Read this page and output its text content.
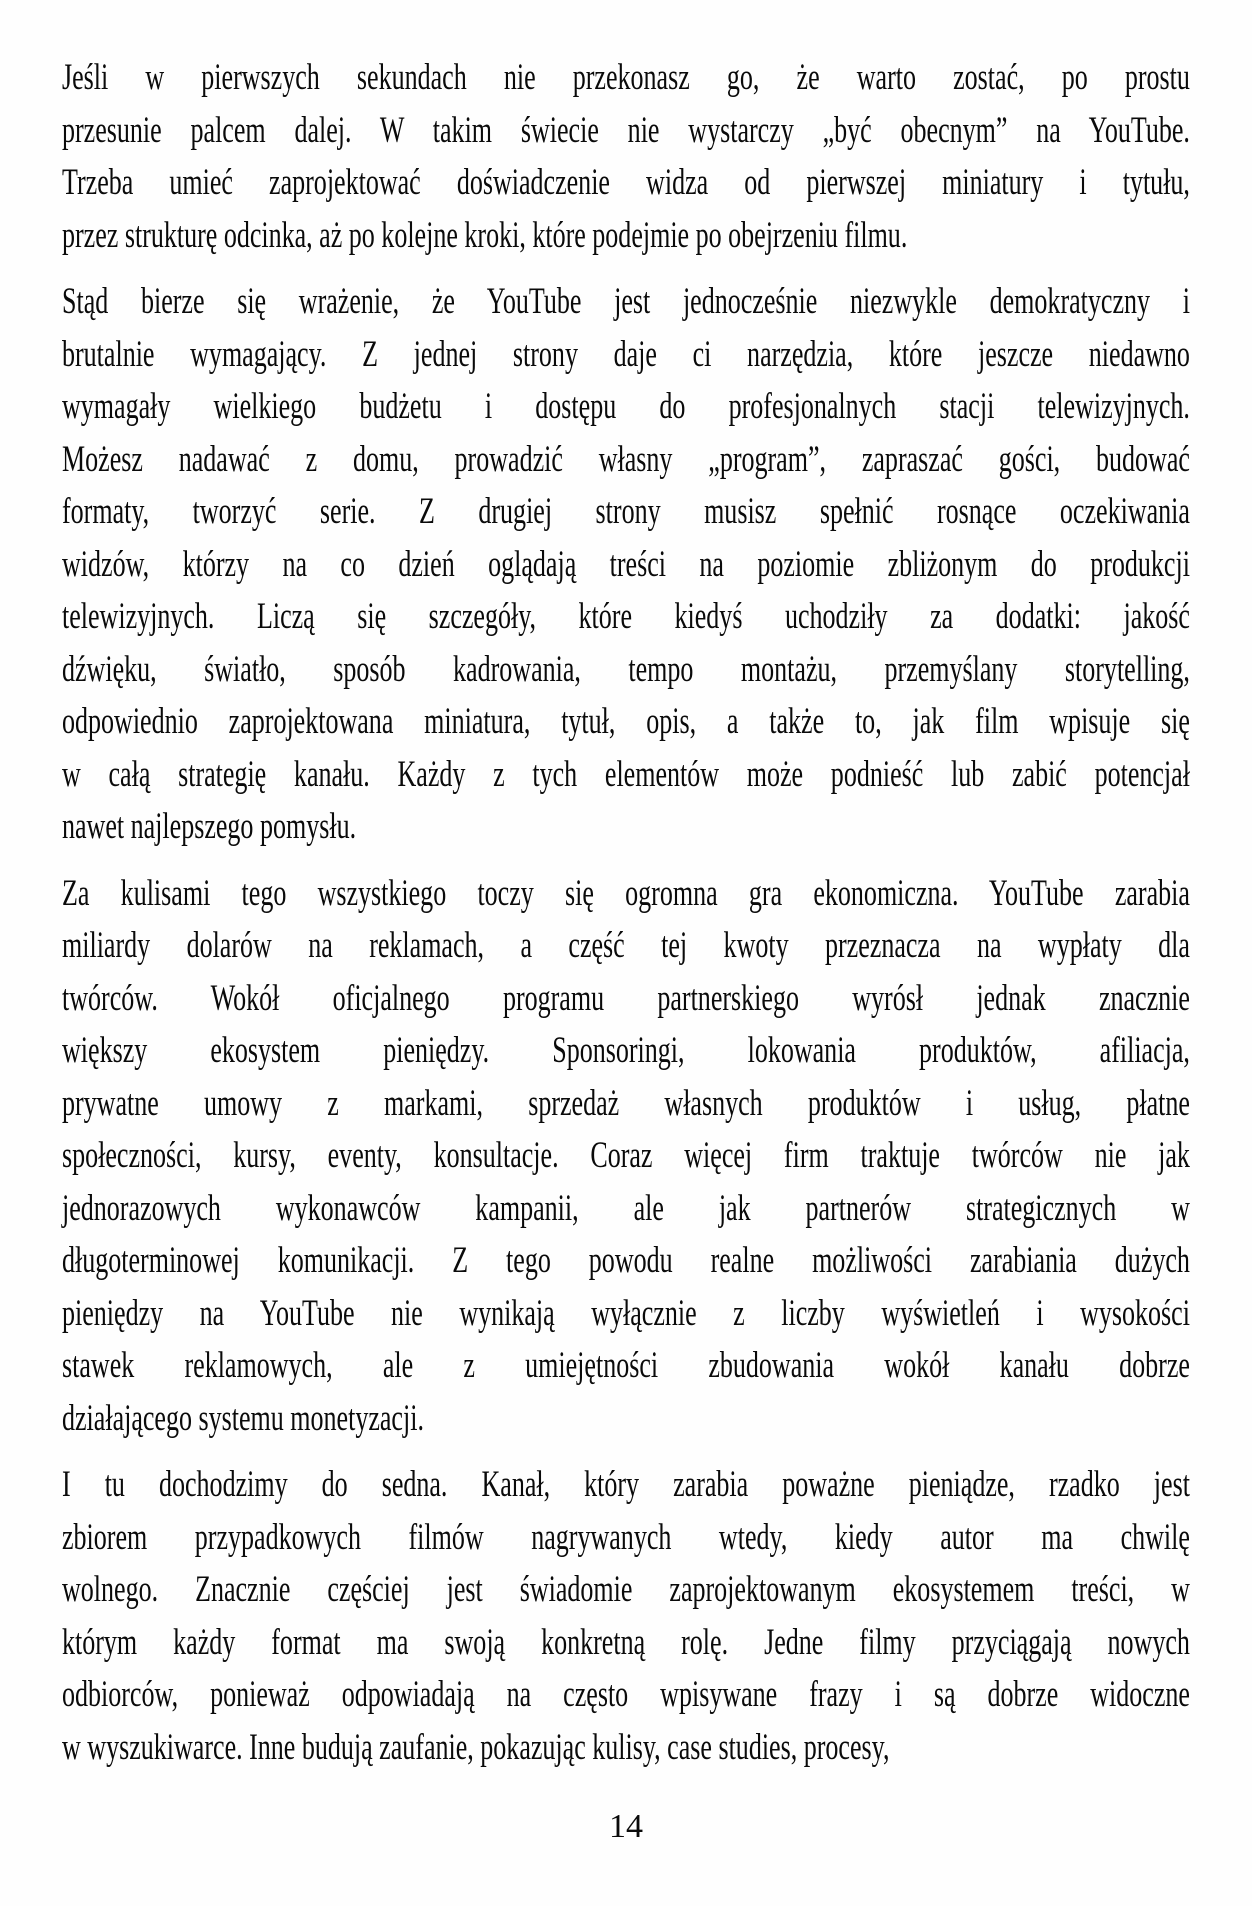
Jeśli w pierwszych sekundach nie przekonasz go, że warto zostać, po prostu
przesunie palcem dalej. W takim świecie nie wystarczy „być obecnym” na YouTube.
Trzeba umieć zaprojektować doświadczenie widza od pierwszej miniatury i tytułu,
przez strukturę odcinka, aż po kolejne kroki, które podejmie po obejrzeniu filmu.
Stąd bierze się wrażenie, że YouTube jest jednocześnie niezwykle demokratyczny i
brutalnie wymagający. Z jednej strony daje ci narzędzia, które jeszcze niedawno
wymagały wielkiego budżetu i dostępu do profesjonalnych stacji telewizyjnych.
Możesz nadawać z domu, prowadzić własny „program”, zapraszać gości, budować
formaty, tworzyć serie. Z drugiej strony musisz spełnić rosnące oczekiwania
widzów, którzy na co dzień oglądają treści na poziomie zbliżonym do produkcji
telewizyjnych. Liczą się szczegóły, które kiedyś uchodziły za dodatki: jakość
dźwięku, światło, sposób kadrowania, tempo montażu, przemyślany storytelling,
odpowiednio zaprojektowana miniatura, tytuł, opis, a także to, jak film wpisuje się
w całą strategię kanału. Każdy z tych elementów może podnieść lub zabić potencjał
nawet najlepszego pomysłu.
Za kulisami tego wszystkiego toczy się ogromna gra ekonomiczna. YouTube zarabia
miliardy dolarów na reklamach, a część tej kwoty przeznacza na wypłaty dla
twórców. Wokół oficjalnego programu partnerskiego wyrósł jednak znacznie
większy ekosystem pieniędzy. Sponsoringi, lokowania produktów, afiliacja,
prywatne umowy z markami, sprzedaż własnych produktów i usług, płatne
społeczności, kursy, eventy, konsultacje. Coraz więcej firm traktuje twórców nie jak
jednorazowych wykonawców kampanii, ale jak partnerów strategicznych w
długoterminowej komunikacji. Z tego powodu realne możliwości zarabiania dużych
pieniędzy na YouTube nie wynikają wyłącznie z liczby wyświetleń i wysokości
stawek reklamowych, ale z umiejętności zbudowania wokół kanału dobrze
działającego systemu monetyzacji.
I tu dochodzimy do sedna. Kanał, który zarabia poważne pieniądze, rzadko jest
zbiorem przypadkowych filmów nagrywanych wtedy, kiedy autor ma chwilę
wolnego. Znacznie częściej jest świadomie zaprojektowanym ekosystemem treści, w
którym każdy format ma swoją konkretną rolę. Jedne filmy przyciągają nowych
odbiorców, ponieważ odpowiadają na często wpisywane frazy i są dobrze widoczne
w wyszukiwarce. Inne budują zaufanie, pokazując kulisy, case studies, procesy,
14
